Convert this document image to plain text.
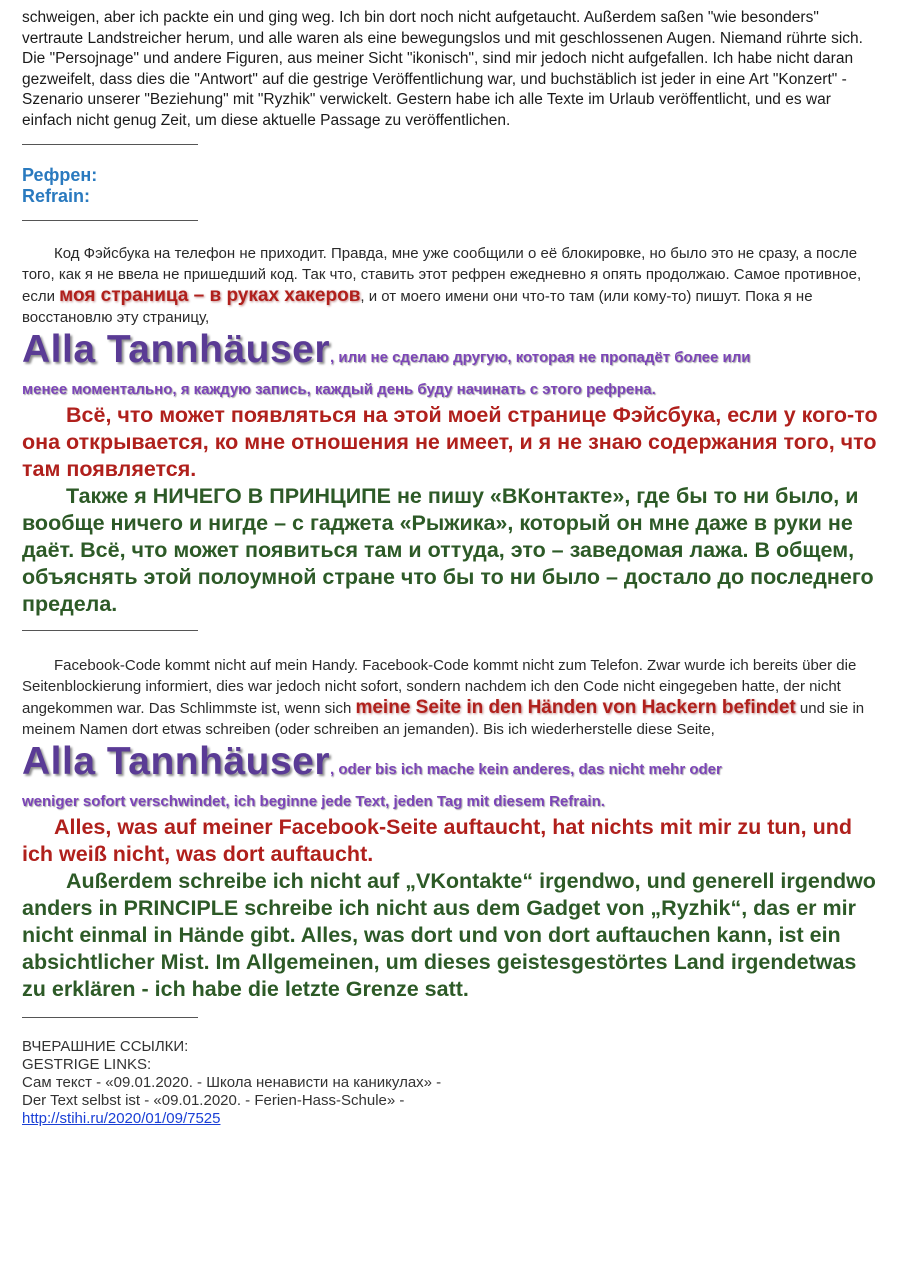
schweigen, aber ich packte ein und ging weg. Ich bin dort noch nicht aufgetaucht. Außerdem saßen "wie besonders" vertraute Landstreicher herum, und alle waren als eine bewegungslos und mit geschlossenen Augen. Niemand rührte sich. Die "Persojnage" und andere Figuren, aus meiner Sicht "ikonisch", sind mir jedoch nicht aufgefallen. Ich habe nicht daran gezweifelt, dass dies die "Antwort" auf die gestrige Veröffentlichung war, und buchstäblich ist jeder in eine Art "Konzert" -Szenario unserer "Beziehung" mit "Ryzhik" verwickelt. Gestern habe ich alle Texte im Urlaub veröffentlicht, und es war einfach nicht genug Zeit, um diese aktuelle Passage zu veröffentlichen.

Рефрен:
Refrain:

Код Фэйсбука на телефон не приходит. Правда, мне уже сообщили о её блокировке, но было это не сразу, а после того, как я не ввела не пришедший код. Так что, ставить этот рефрен ежедневно я опять продолжаю. Самое противное, если моя страница – в руках хакеров, и от моего имени они что-то там (или кому-то) пишут. Пока я не восстановлю эту страницу,

Alla Tannhäuser, или не сделаю другую, которая не пропадёт более или
менее моментально, я каждую запись, каждый день буду начинать с этого рефрена.

Всё, что может появляться на этой моей странице Фэйсбука, если у кого-то она открывается, ко мне отношения не имеет, и я не знаю содержания того, что там появляется.

Также я НИЧЕГО В ПРИНЦИПЕ не пишу «ВКонтакте», где бы то ни было, и вообще ничего и нигде – с гаджета «Рыжика», который он мне даже в руки не даёт. Всё, что может появиться там и оттуда, это – заведомая лажа. В общем, объяснять этой полоумной стране что бы то ни было – достало до последнего предела.

Facebook-Code kommt nicht auf mein Handy. Facebook-Code kommt nicht zum Telefon. Zwar wurde ich bereits über die Seitenblockierung informiert, dies war jedoch nicht sofort, sondern nachdem ich den Code nicht eingegeben hatte, der nicht angekommen war. Das Schlimmste ist, wenn sich meine Seite in den Händen von Hackern befindet und sie in meinem Namen dort etwas schreiben (oder schreiben an jemanden). Bis ich wiederherstelle diese Seite,

Alla Tannhäuser, oder bis ich mache kein anderes, das nicht mehr oder
weniger sofort verschwindet, ich beginne jede Text, jeden Tag mit diesem Refrain.

Alles, was auf meiner Facebook-Seite auftaucht, hat nichts mit mir zu tun, und ich weiß nicht, was dort auftaucht.

Außerdem schreibe ich nicht auf „VKontakte“ irgendwo, und generell irgendwo anders in PRINCIPLE schreibe ich nicht aus dem Gadget von „Ryzhik“, das er mir nicht einmal in Hände gibt. Alles, was dort und von dort auftauchen kann, ist ein absichtlicher Mist. Im Allgemeinen, um dieses geistesgestörtes Land irgendetwas zu erklären - ich habe die letzte Grenze satt.

ВЧЕРАШНИЕ ССЫЛКИ:
GESTRIGE LINKS:
Сам текст - «09.01.2020. - Школа ненависти на каникулах» -
Der Text selbst ist - «09.01.2020. - Ferien-Hass-Schule» -
http://stihi.ru/2020/01/09/7525
